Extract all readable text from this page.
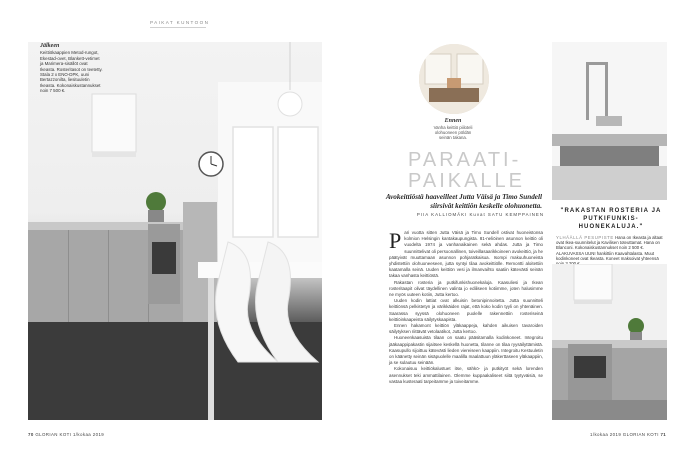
PAIKAT KUNTOON
Jälkeen
Keittiökaappien Metod-rungot, Ekestad-ovet, Blankett-vetimet ja Marimera-sisällöt ovat Ikeasta. Rosteritasot on teetetty. Stala 2 x ENO-DPK, uuni Bertazzonilta, liesituuletin Ikeasta. Kokonaiskustannukset noin 7 500 €.
Ennen
Vanha keittiö piiloteli olohuoneen pöldän seinän takana.
PARAATI-PAIKALLE
Avokeittiöstä haaveilleet Jutta Väisä ja Timo Sundell siirsivät keittiön keskelle olohuonetta.
PIIA KALLIOMÄKI Kuvat SATU KEMPPAINEN
P ari vuotta sitten Jutta Väisä ja Timo Sundell ostivat huoneistonsa kolmion Helsingin kantakaupungista. 81-neliöinen asunnon keittiö oli vuodelta 1974 ja vanhanaikainen sekä ahdas. Jutta ja Timo suunnittelivat oli persoonallinen, toiveillasaarikkoineen avokeittiö, ja he päätyivät muuttamaan asunnon pohjaratkaisua. Isompi makuuhuoneista yhdistettiin olohuoneeseen, jutta syntyi tilaa avokeittiölle. Remontti aloitettiin kaatamalla seinä. Uuden keittiön vesi ja ilmanvaihto saatiin kätevästi seinän takaa vanhasta keittiöstä.

Rakastan rosteria ja putkifunkishuonekaluja. Kaasuliesi ja Ikean rosteritaapit olivat täydellinen valinta jo ediliseen kotiimme, joten halusimme ne myös uuteen kotiin, Jutta kertoo.

Uuden kodin lattiat ovat alkuisin betonipinnoitetta. Jutta suunnitteli keittiönsä pelkistetyn ja värikkäiden rajat, että koko kodin tyyli on yhtenäinen. Saarassa syyssä olohuoneen puolelle rakennettiin rosteriseinä keittiöinkaapeista säilytyskaapista.

Ennen hakamont keittiön yläkaappeja, kahden aikuisen tavaroiden säilytyksen riittävät vetolaatikot, Jutta kertoo.

Huoneenkaasuista tilaan on saatu pääsitamalla kodinkoneet. Integroitu jääkaappipakastin sijaitsee keskellä huonetta, tilanne on tilaa ryysäilyttämistä. Kaasupullo sijoittuu kätevästi lieden viereiseen kaappiin. Integroitu Kestuuletin on käänetty seinän sisäpuolelle maalilla maalattuun yläkerttaseen yläkaappiin, ja se sulautuu seinään.

Kokonaisuu keittiökalustuet itse, sähkö- ja putkityöt sekä lorenden asennukset teki ammattilainen. Olemme kuppaakaliseet siitä tyytyväisiä, se vastaa kusteraati tarpeitamme ja toiveitamme.

"RAKASTAN ROSTERIA JA PUTKIFUNKIS-HUONEKALUJA."
YLHÄÄLLÄ PESUPISTE Hana on Ikeasta ja altaat ovat Ikea-suunnitelut ja Kavilisen toteuttamat. Hana on Blanconi. Kokonaiskustannukset noin 2 500 €. ALAKUVASSA UUNI hankittiin Kaavahtalasta. Muut kodinkoneet ovat Ikeasta. Koneet maksoivat yhteensä
70 GLORIAN KOTI 1/kokaa 2019	1/kokaa 2019 GLORIAN KOTI 71
